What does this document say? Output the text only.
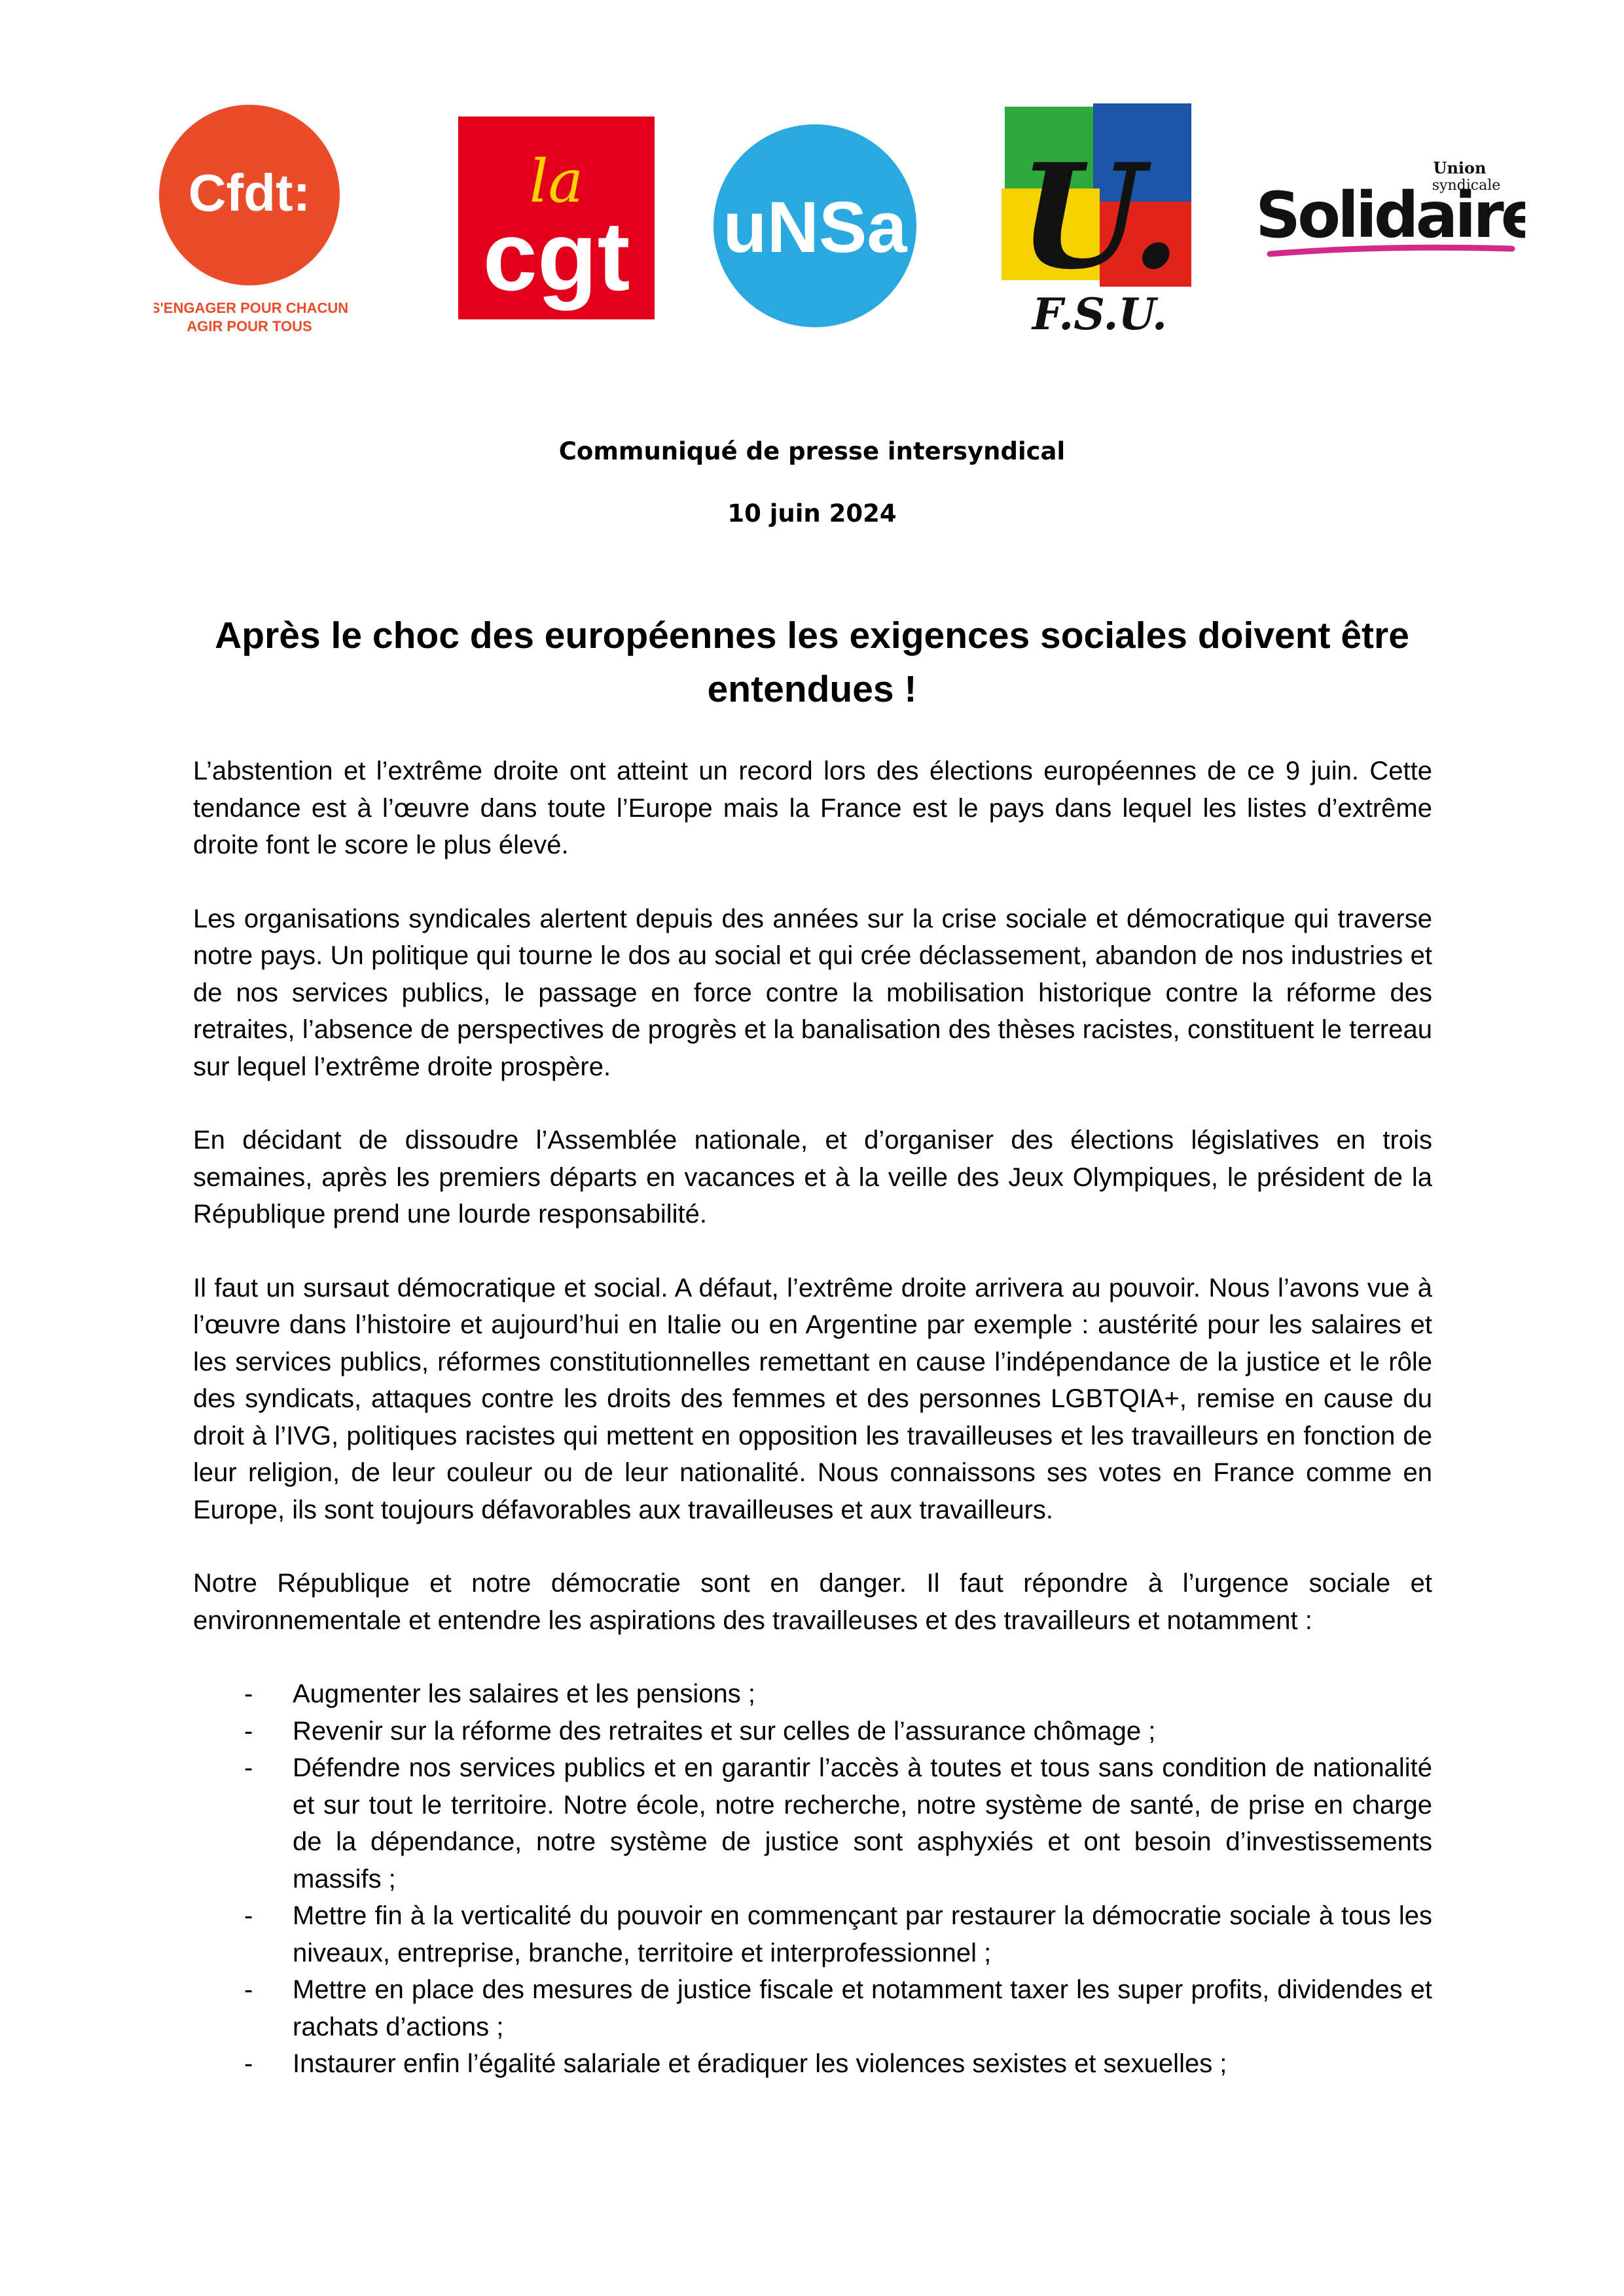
Cfdt:
S'ENGAGER POUR CHACUN
AGIR POUR TOUS
la
cgt uNSa U.
F.S.U.
Union
syndicale
Solidaire
Communiqué de presse intersyndical
10 juin 2024
Après le choc des européennes les exigences sociales doivent être
entendues !

L’abstention et l’extrême droite ont atteint un record lors des élections européennes de ce 9 juin. Cette tendance est à l’œuvre dans toute l’Europe mais la France est le pays dans lequel les listes d’extrême droite font le score le plus élevé.

Les organisations syndicales alertent depuis des années sur la crise sociale et démocratique qui traverse notre pays. Un politique qui tourne le dos au social et qui crée déclassement, abandon de nos industries et de nos services publics, le passage en force contre la mobilisation historique contre la réforme des retraites, l’absence de perspectives de progrès et la banalisation des thèses racistes, constituent le terreau sur lequel l’extrême droite prospère.

En décidant de dissoudre l’Assemblée nationale, et d’organiser des élections législatives en trois semaines, après les premiers départs en vacances et à la veille des Jeux Olympiques, le président de la République prend une lourde responsabilité.

Il faut un sursaut démocratique et social. A défaut, l’extrême droite arrivera au pouvoir. Nous l’avons vue à l’œuvre dans l’histoire et aujourd’hui en Italie ou en Argentine par exemple : austérité pour les salaires et les services publics, réformes constitutionnelles remettant en cause l’indépendance de la justice et le rôle des syndicats, attaques contre les droits des femmes et des personnes LGBTQIA+, remise en cause du droit à l’IVG, politiques racistes qui mettent en opposition les travailleuses et les travailleurs en fonction de leur religion, de leur couleur ou de leur nationalité. Nous connaissons ses votes en France comme en Europe, ils sont toujours défavorables aux travailleuses et aux travailleurs.

Notre République et notre démocratie sont en danger. Il faut répondre à l’urgence sociale et environnementale et entendre les aspirations des travailleuses et des travailleurs et notamment :

- Augmenter les salaires et les pensions ;
- Revenir sur la réforme des retraites et sur celles de l’assurance chômage ;
- Défendre nos services publics et en garantir l’accès à toutes et tous sans condition de nationalité et sur tout le territoire. Notre école, notre recherche, notre système de santé, de prise en charge de la dépendance, notre système de justice sont asphyxiés et ont besoin d’investissements massifs ;
- Mettre fin à la verticalité du pouvoir en commençant par restaurer la démocratie sociale à tous les niveaux, entreprise, branche, territoire et interprofessionnel ;
- Mettre en place des mesures de justice fiscale et notamment taxer les super profits, dividendes et rachats d’actions ;
- Instaurer enfin l’égalité salariale et éradiquer les violences sexistes et sexuelles ;
